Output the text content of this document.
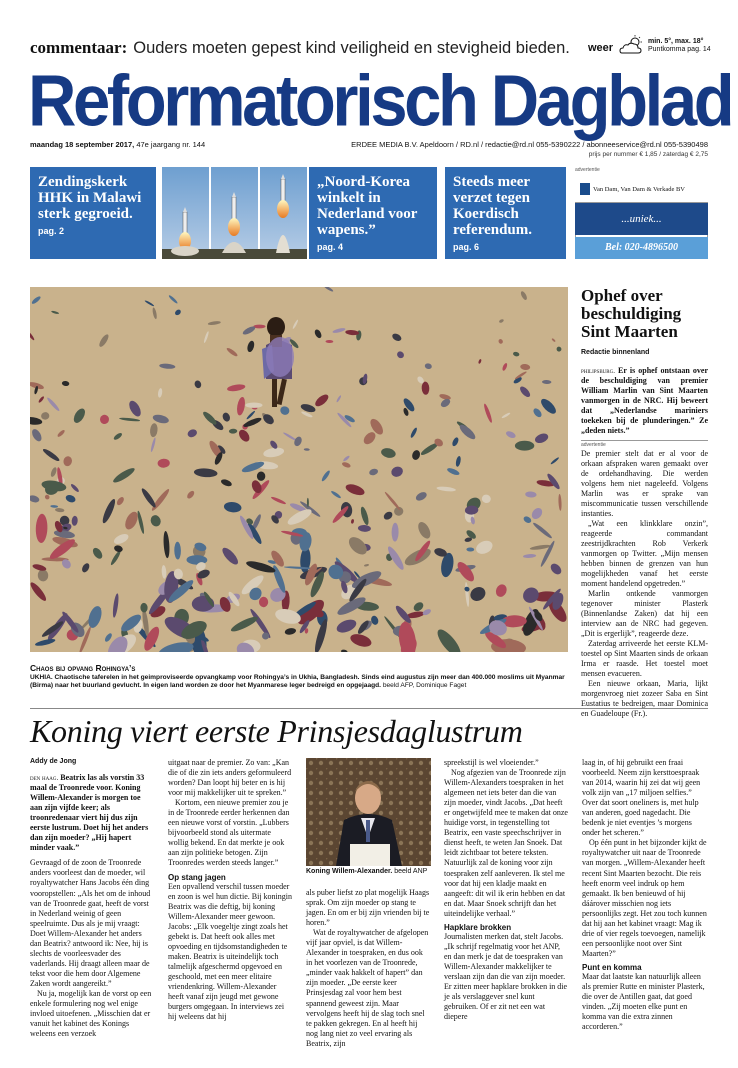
commentaar: Ouders moeten gepest kind veiligheid en stevigheid bieden. weer
min. 5°, max. 18°
Puntkomma pag. 14
Reformatorisch Dagblad
maandag 18 september 2017, 47e jaargang nr. 144	ERDEE MEDIA B.V. Apeldoorn / RD.nl / redactie@rd.nl 055-5390222 / abonneeservice@rd.nl 055-5390498
prijs per nummer € 1,85 / zaterdag € 2,75
Zendingskerk HHK in Malawi sterk gegroeid.
pag. 2
„Noord-Korea winkelt in Nederland voor wapens.”
pag. 4
Steeds meer verzet tegen Koerdisch referendum.
pag. 6
advertentie
Van Dam, Van Dam & Verkade BV
...uniek...
Bel: 020-4896500
Chaos bij opvang Rohingya’s
UKHIA. Chaotische taferelen in het geimproviseerde opvangkamp voor Rohingya’s in Ukhia, Bangladesh. Sinds eind augustus zijn meer dan 400.000 moslims uit Myanmar (Birma) naar het buurland gevlucht. In eigen land worden ze door het Myanmarese leger bedreigd en opgejaagd. beeld AFP, Dominique Faget
Ophef over beschuldiging Sint Maarten
Redactie binnenland
philipsburg. Er is ophef ontstaan over de beschuldiging van premier William Marlin van Sint Maarten vanmorgen in de NRC. Hij beweert dat „Nederlandse mariniers toekeken bij de plunderingen.” Ze „deden niets.”
advertentie

De premier stelt dat er al voor de orkaan afspraken waren gemaakt over de ordehandhaving. Die werden volgens hem niet nageleefd. Volgens Marlin was er sprake van miscommunicatie tussen verschillende instanties.

„Wat een klinkklare onzin”, reageerde commandant zeestrijdkrachten Rob Verkerk vanmorgen op Twitter. „Mijn mensen hebben binnen de grenzen van hun mogelijkheden vanaf het eerste moment handelend opgetreden.”

Marlin ontkende vanmorgen tegenover minister Plasterk (Binnenlandse Zaken) dat hij een interview aan de NRC had gegeven. „Dit is ergerlijk”, reageerde deze.

Zaterdag arriveerde het eerste KLM-toestel op Sint Maarten sinds de orkaan Irma er raasde. Het toestel moet mensen evacueren.

Een nieuwe orkaan, Maria, lijkt morgenvroeg niet zozeer Saba en Sint Eustatius te bedreigen, maar Dominica en Guadeloupe (Fr.).

Koning viert eerste Prinsjesdaglustrum
Addy de Jong

den haag. Beatrix las als vorstin 33 maal de Troonrede voor. Koning Willem-Alexander is morgen toe aan zijn vijfde keer; als troonredenaar viert hij dus zijn eerste lustrum. Doet hij het anders dan zijn moeder? „Hij hapert minder vaak.”

Gevraagd of de zoon de Troonrede anders voorleest dan de moeder, wil royaltywatcher Hans Jacobs één ding vooropstellen: „Als het om de inhoud van de Troonrede gaat, heeft de vorst in Nederland weinig of geen speelruimte. Dus als je mij vraagt: Doet Willem-Alexander het anders dan Beatrix? antwoord ik: Nee, hij is slechts de voorleesvader des vaderlands. Hij draagt alleen maar de tekst voor die hem door Algemene Zaken wordt aangereikt.”

Nu ja, mogelijk kan de vorst op een enkele formulering nog wel enige invloed uitoefenen. „Misschien dat er vanuit het kabinet des Konings weleens een verzoek

uitgaat naar de premier. Zo van: „Kan die of die zin iets anders geformuleerd worden? Dan loopt hij beter en is hij voor mij makkelijker uit te spreken.”

Kortom, een nieuwe premier zou je in de Troonrede eerder herkennen dan een nieuwe vorst of vorstin. „Lubbers bijvoorbeeld stond als uitermate wollig bekend. En dat merkte je ook aan zijn politieke betogen. Zijn Troonredes werden steeds langer.”

Op stang jagen

Een opvallend verschil tussen moeder en zoon is wel hun dictie. Bij koningin Beatrix was die deftig, bij koning Willem-Alexander meer gewoon. Jacobs: „Elk voegeltje zingt zoals het gebekt is. Dat heeft ook alles met opvoeding en tijdsomstandigheden te maken. Beatrix is uiteindelijk toch talmelijk afgeschermd opgevoed en geschoold, met een meer elitaire vriendenkring. Willem-Alexander heeft vanaf zijn jeugd met gewone burgers omgegaan. In interviews zei hij weleens dat hij

Koning Willem-Alexander. beeld ANP

als puber liefst zo plat mogelijk Haags sprak. Om zijn moeder op stang te jagen. En om er bij zijn vrienden bij te horen.”

Wat de royaltywatcher de afgelopen vijf jaar opviel, is dat Willem-Alexander in toespraken, en dus ook in het voorlezen van de Troonrede, „minder vaak hakkelt of hapert” dan zijn moeder. „De eerste keer Prinsjesdag zal voor hem best spannend geweest zijn. Maar vervolgens heeft hij de slag toch snel te pakken gekregen. En al heeft hij nog lang niet zo veel ervaring als Beatrix, zijn

spreekstijl is wel vloeiender.”

Nog afgezien van de Troonrede zijn Willem-Alexanders toespraken in het algemeen net iets beter dan die van zijn moeder, vindt Jacobs. „Dat heeft er ongetwijfeld mee te maken dat onze huidige vorst, in tegenstelling tot Beatrix, een vaste speechschrijver in dienst heeft, te weten Jan Snoek. Dat leidt zichtbaar tot betere teksten. Natuurlijk zal de koning voor zijn toespraken zelf aanleveren. Ik stel me voor dat hij een kladje maakt en aangeeft: dit wil ik erin hebben en dat en dat. Maar Snoek schrijft dan het uiteindelijke verhaal.”

Hapklare brokken

Journalisten merken dat, stelt Jacobs. „Ik schrijf regelmatig voor het ANP, en dan merk je dat de toespraken van Willem-Alexander makkelijker te verslaan zijn dan die van zijn moeder. Er zitten meer hapklare brokken in die je als verslaggever snel kunt gebruiken. Of er zit net een wat diepere

laag in, of hij gebruikt een fraai voorbeeld. Neem zijn kersttoespraak van 2014, waarin hij zei dat wij geen volk zijn van „17 miljoen selfies.” Over dat soort oneliners is, met hulp van anderen, goed nagedacht. Die bedenk je niet eventjes ’s morgens onder het scheren.”

Op één punt in het bijzonder kijkt de royaltywatcher uit naar de Troonrede van morgen. „Willem-Alexander heeft recent Sint Maarten bezocht. Die reis heeft enorm veel indruk op hem gemaakt. Ik ben benieuwd of hij dáárover misschien nog iets persoonlijks zegt. Het zou toch kunnen dat hij aan het kabinet vraagt: Mag ik drie of vier regels toevoegen, namelijk een persoonlijke noot over Sint Maarten?”

Punt en komma

Maar dat laatste kan natuurlijk alleen als premier Rutte en minister Plasterk, die over de Antillen gaat, dat goed vinden. „Zij moeten elke punt en komma van die extra zinnen accorderen.”
